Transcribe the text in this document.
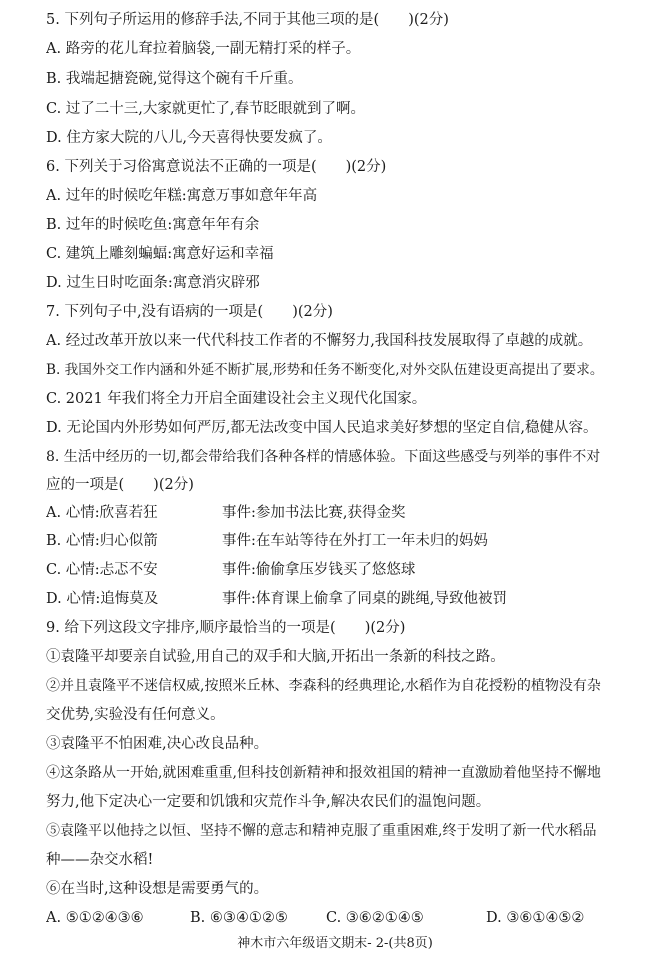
5. 下列句子所运用的修辞手法,不同于其他三项的是(　　)(2分)
A. 路旁的花儿耷拉着脑袋,一副无精打采的样子。
B. 我端起搪瓷碗,觉得这个碗有千斤重。
C. 过了二十三,大家就更忙了,春节眨眼就到了啊。
D. 住方家大院的八儿,今天喜得快要发疯了。
6. 下列关于习俗寓意说法不正确的一项是(　　)(2分)
A. 过年的时候吃年糕:寓意万事如意年年高
B. 过年的时候吃鱼:寓意年年有余
C. 建筑上雕刻蝙蝠:寓意好运和幸福
D. 过生日时吃面条:寓意消灾辟邪
7. 下列句子中,没有语病的一项是(　　)(2分)
A. 经过改革开放以来一代代科技工作者的不懈努力,我国科技发展取得了卓越的成就。
B. 我国外交工作内涵和外延不断扩展,形势和任务不断变化,对外交队伍建设更高提出了要求。
C. 2021 年我们将全力开启全面建设社会主义现代化国家。
D. 无论国内外形势如何严厉,都无法改变中国人民追求美好梦想的坚定自信,稳健从容。
8. 生活中经历的一切,都会带给我们各种各样的情感体验。下面这些感受与列举的事件不对
应的一项是(　　)(2分)
A. 心情:欣喜若狂	事件:参加书法比赛,获得金奖
B. 心情:归心似箭	事件:在车站等待在外打工一年未归的妈妈
C. 心情:忐忑不安	事件:偷偷拿压岁钱买了悠悠球
D. 心情:追悔莫及	事件:体育课上偷拿了同桌的跳绳,导致他被罚
9. 给下列这段文字排序,顺序最恰当的一项是(　　)(2分)
①袁隆平却要亲自试验,用自己的双手和大脑,开拓出一条新的科技之路。
②并且袁隆平不迷信权威,按照米丘林、李森科的经典理论,水稻作为自花授粉的植物没有杂
交优势,实验没有任何意义。
③袁隆平不怕困难,决心改良品种。
④这条路从一开始,就困难重重,但科技创新精神和报效祖国的精神一直激励着他坚持不懈地
努力,他下定决心一定要和饥饿和灾荒作斗争,解决农民们的温饱问题。
⑤袁隆平以他持之以恒、坚持不懈的意志和精神克服了重重困难,终于发明了新一代水稻品
种——杂交水稻!
⑥在当时,这种设想是需要勇气的。
A. ⑤①②④③⑥	B. ⑥③④①②⑤	C. ③⑥②①④⑤	D. ③⑥①④⑤②
神木市六年级语文期末- 2-(共8页)
